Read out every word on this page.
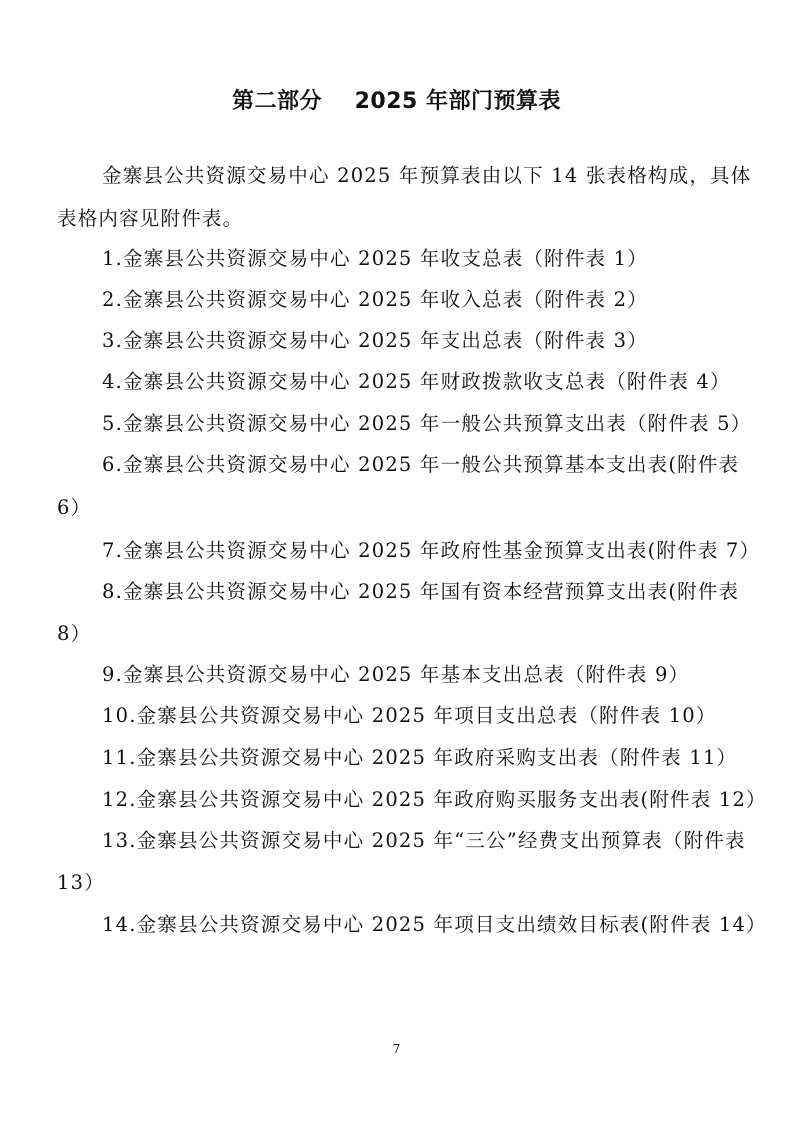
第二部分    2025 年部门预算表
金寨县公共资源交易中心 2025 年预算表由以下 14 张表格构成，具体
表格内容见附件表。
1.金寨县公共资源交易中心 2025 年收支总表（附件表 1）
2.金寨县公共资源交易中心 2025 年收入总表（附件表 2）
3.金寨县公共资源交易中心 2025 年支出总表（附件表 3）
4.金寨县公共资源交易中心 2025 年财政拨款收支总表（附件表 4）
5.金寨县公共资源交易中心 2025 年一般公共预算支出表（附件表 5）
6.金寨县公共资源交易中心 2025 年一般公共预算基本支出表(附件表
6）
7.金寨县公共资源交易中心 2025 年政府性基金预算支出表(附件表 7）
8.金寨县公共资源交易中心 2025 年国有资本经营预算支出表(附件表
8）
9.金寨县公共资源交易中心 2025 年基本支出总表（附件表 9）
10.金寨县公共资源交易中心 2025 年项目支出总表（附件表 10）
11.金寨县公共资源交易中心 2025 年政府采购支出表（附件表 11）
12.金寨县公共资源交易中心 2025 年政府购买服务支出表(附件表 12）
13.金寨县公共资源交易中心 2025 年“三公”经费支出预算表（附件表
13）
14.金寨县公共资源交易中心 2025 年项目支出绩效目标表(附件表 14）
7
